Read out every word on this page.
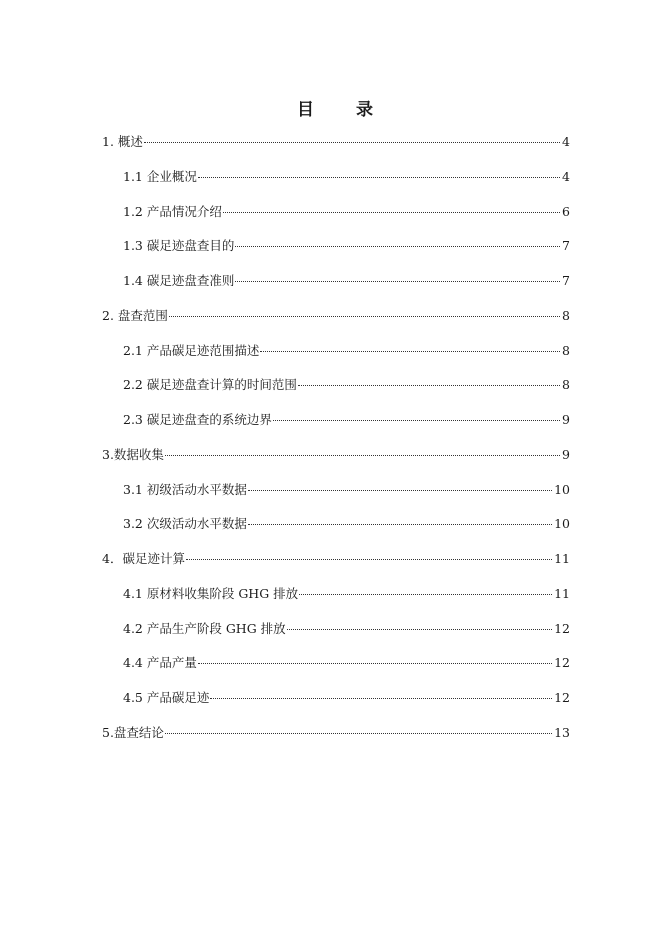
目 录
1. 概述	4
1.1 企业概况	4
1.2 产品情况介绍	6
1.3 碳足迹盘查目的	7
1.4 碳足迹盘查准则	7
2. 盘查范围	8
2.1 产品碳足迹范围描述	8
2.2 碳足迹盘查计算的时间范围	8
2.3 碳足迹盘查的系统边界	9
3.数据收集	9
3.1 初级活动水平数据	10
3.2 次级活动水平数据	10
4．碳足迹计算	11
4.1 原材料收集阶段 GHG 排放	11
4.2 产品生产阶段 GHG 排放	12
4.4 产品产量	12
4.5 产品碳足迹	12
5.盘查结论	13
